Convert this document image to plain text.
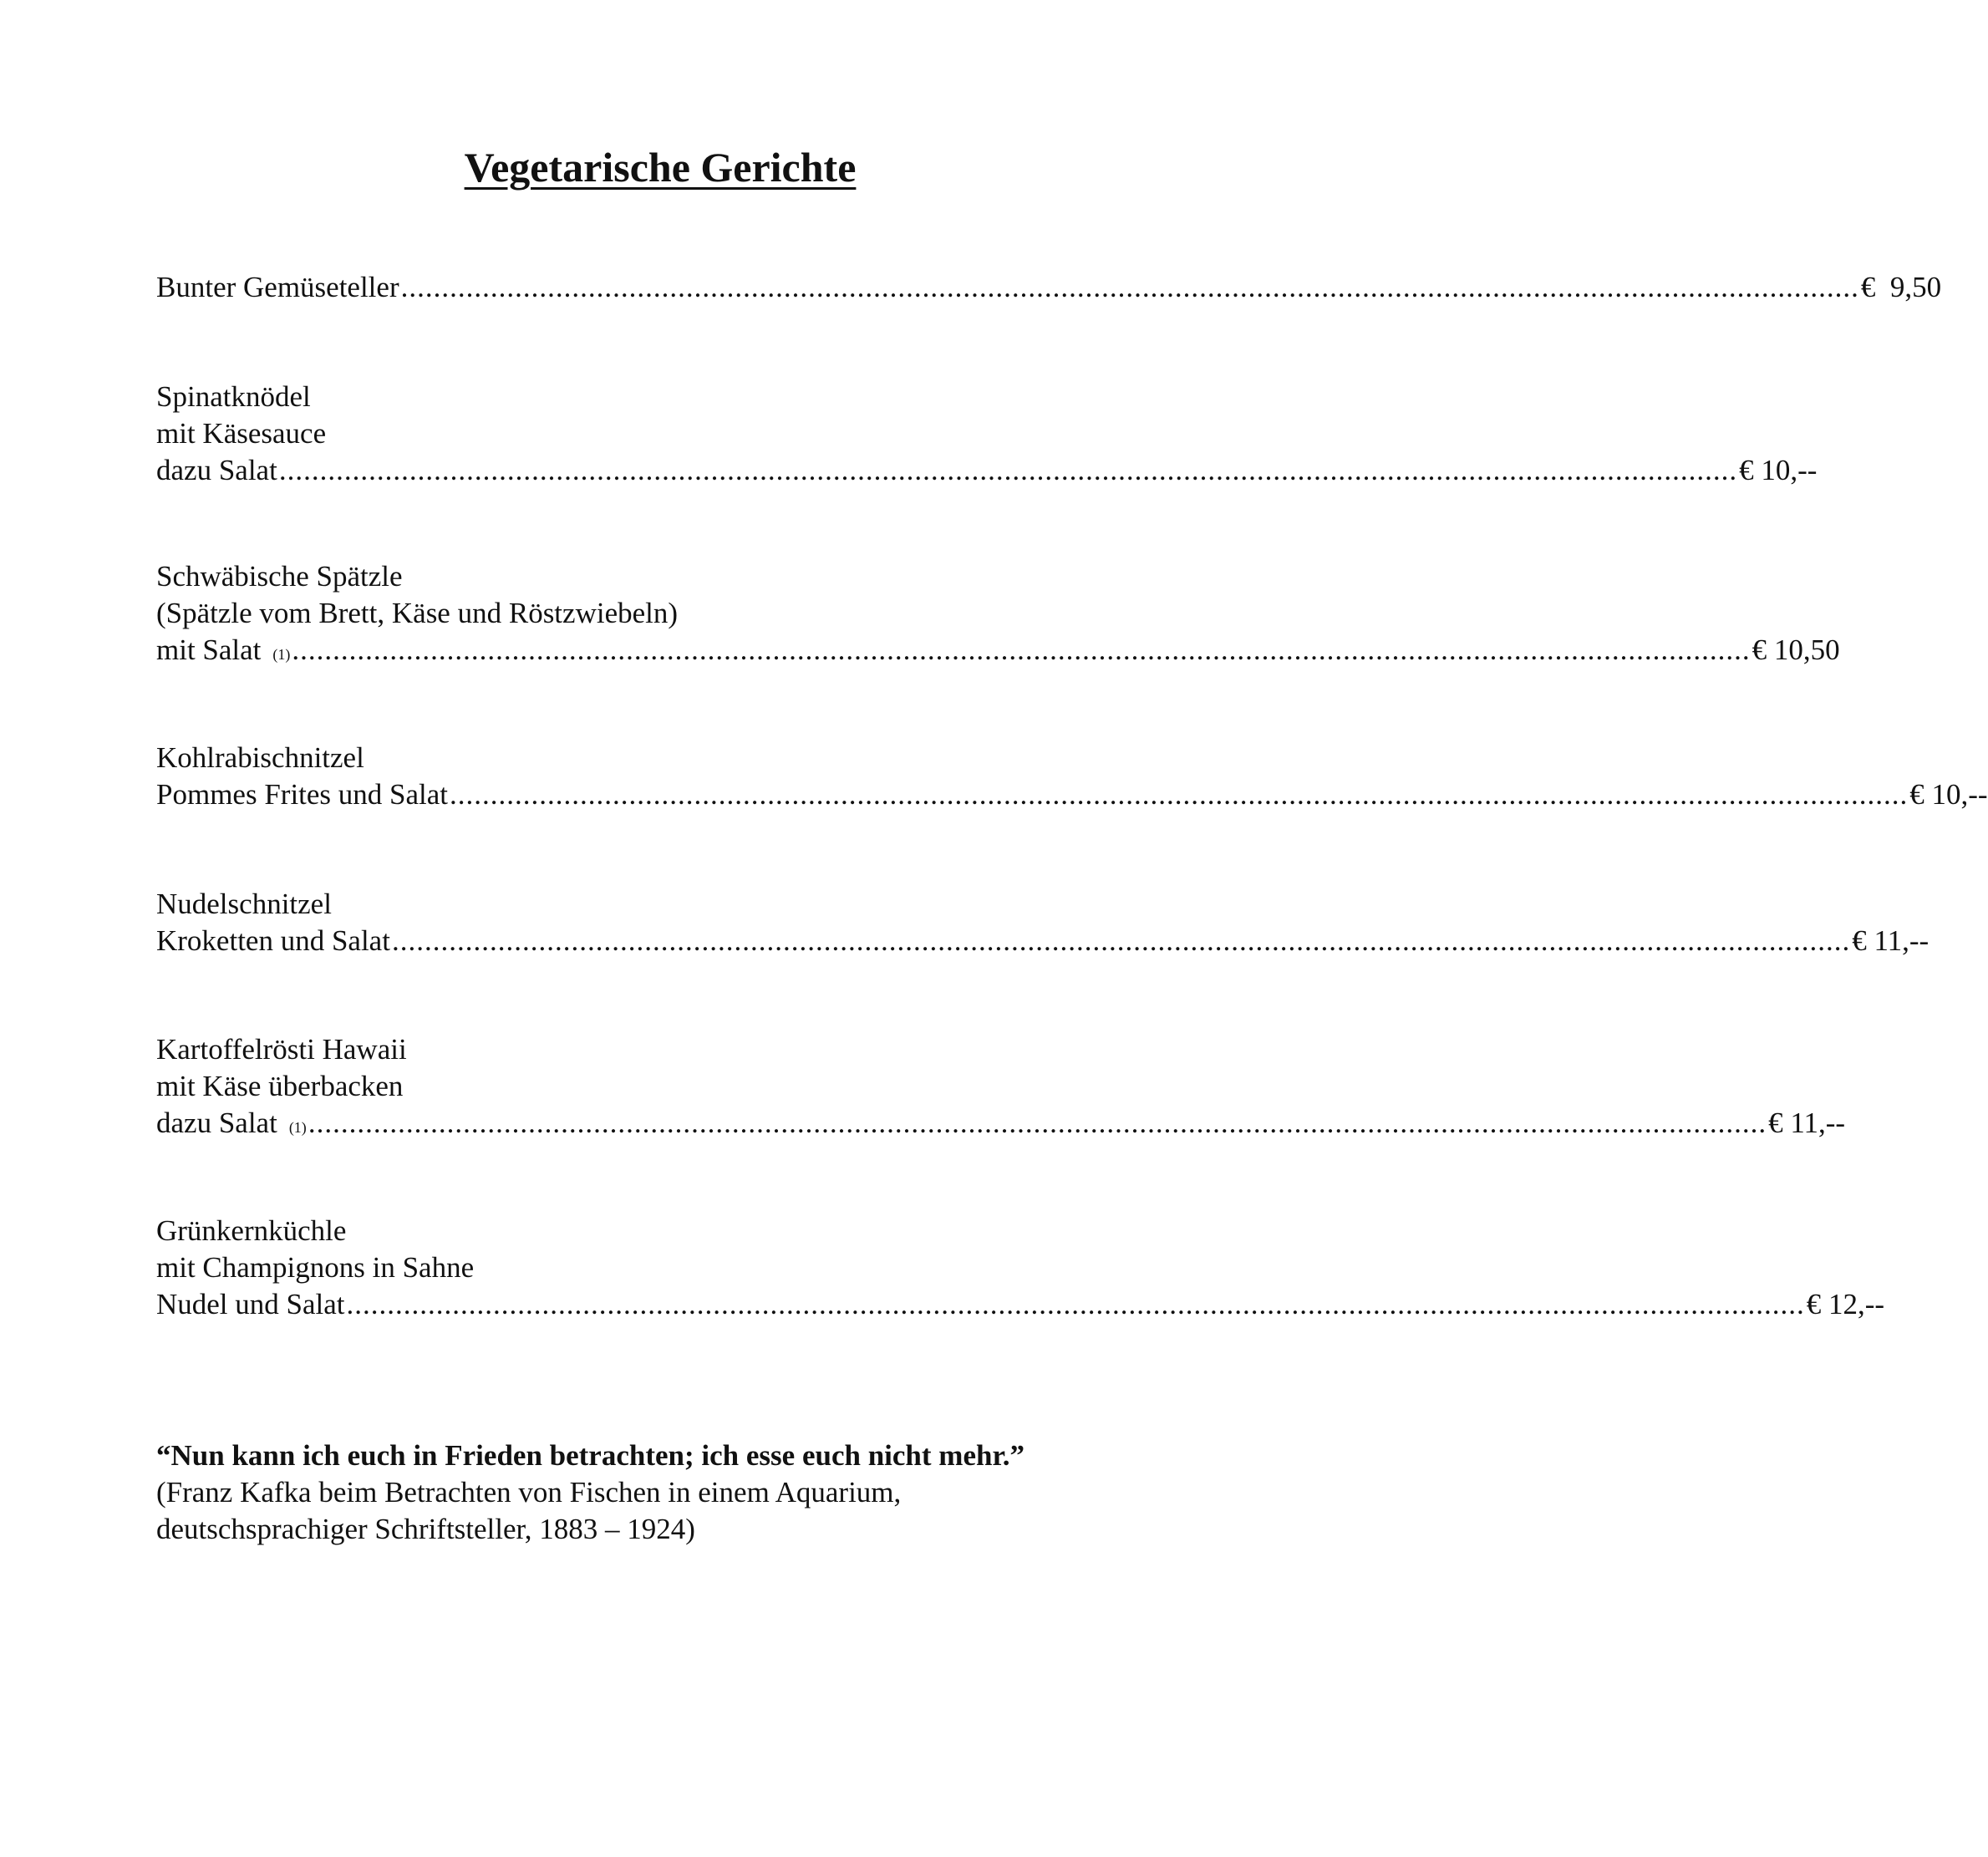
Vegetarische Gerichte
Bunter Gemüseteller ................................................................................................................................................................................... €  9,50
Spinatknödel
mit Käsesauce
dazu Salat ................................................................................................................................................................................... € 10,--
Schwäbische Spätzle
(Spätzle vom Brett, Käse und Röstzwiebeln)
mit Salat (1) ................................................................................................................................................................................... € 10,50
Kohlrabischnitzel
Pommes Frites und Salat ................................................................................................................................................................................... € 10,--
Nudelschnitzel
Kroketten und Salat ................................................................................................................................................................................... € 11,--
Kartoffelrösti Hawaii
mit Käse überbacken
dazu Salat (1) ................................................................................................................................................................................... € 11,--
Grünkernküchle
mit Champignons in Sahne
Nudel und Salat ................................................................................................................................................................................... € 12,--
“Nun kann ich euch in Frieden betrachten; ich esse euch nicht mehr.”
(Franz Kafka beim Betrachten von Fischen in einem Aquarium,
deutschsprachiger Schriftsteller, 1883 – 1924)
